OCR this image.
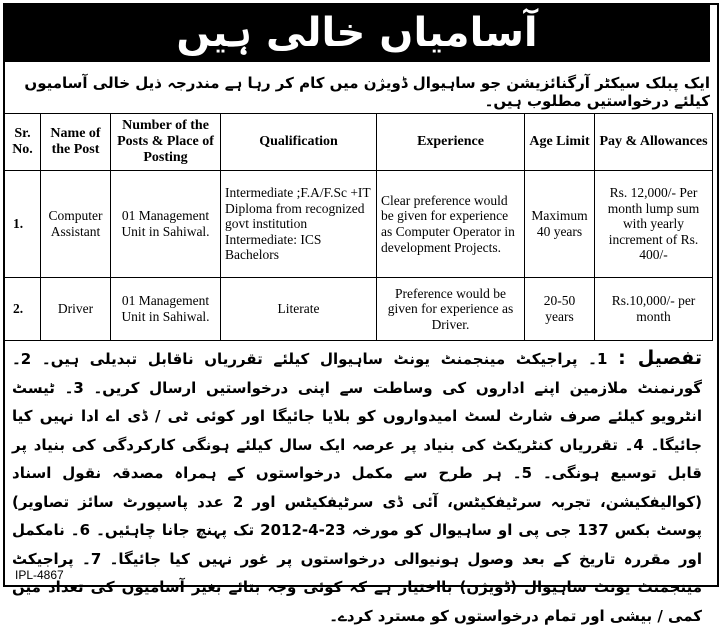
آسامیاں خالی ہیں
ایک پبلک سیکٹر آرگنائزیشن جو ساہیوال ڈویژن میں کام کر رہا ہے مندرجہ ذیل خالی آسامیوں کیلئے درخواستیں مطلوب ہیں۔
Sr. No.	Name of the Post	Number of the Posts & Place of Posting	Qualification	Experience	Age Limit	Pay & Allowances
1.	Computer Assistant	01 Management Unit in Sahiwal.	Intermediate ;F.A/F.Sc +IT Diploma from recognized govt institution Intermediate: ICS Bachelors	Clear preference would be given for experience as Computer Operator in development Projects.	Maximum 40 years	Rs. 12,000/- Per month lump sum with yearly increment of Rs. 400/-
2.	Driver	01 Management Unit in Sahiwal.	Literate	Preference would be given for experience as Driver.	20-50 years	Rs.10,000/- per month
تفصیل : 1۔ پراجیکٹ مینجمنٹ یونٹ ساہیوال کیلئے تقرریاں ناقابل تبدیلی ہیں۔ 2۔ گورنمنٹ ملازمین اپنے اداروں کی وساطت سے اپنی درخواستیں ارسال کریں۔ 3۔ ٹیسٹ انٹرویو کیلئے صرف شارٹ لسٹ امیدواروں کو بلایا جائیگا اور کوئی ٹی / ڈی اے ادا نہیں کیا جائیگا۔ 4۔ تقرریاں کنٹریکٹ کی بنیاد پر عرصہ ایک سال کیلئے ہونگی کارکردگی کی بنیاد پر قابل توسیع ہونگی۔ 5۔ ہر طرح سے مکمل درخواستوں کے ہمراہ مصدقہ نقول اسناد (کوالیفکیشن، تجربہ سرٹیفکیٹس، آئی ڈی سرٹیفکیٹس اور 2 عدد پاسپورٹ سائز تصاویر) پوسٹ بکس 137 جی پی او ساہیوال کو مورخہ 23-4-2012 تک پہنچ جانا چاہئیں۔ 6۔ نامکمل اور مقررہ تاریخ کے بعد وصول ہونیوالی درخواستوں پر غور نہیں کیا جائیگا۔ 7۔ پراجیکٹ مینجمنٹ یونٹ ساہیوال (ڈویژن) بااختیار ہے کہ کوئی وجہ بتائے بغیر آسامیوں کی تعداد میں کمی / بیشی اور تمام درخواستوں کو مسترد کردے۔
IPL-4867
